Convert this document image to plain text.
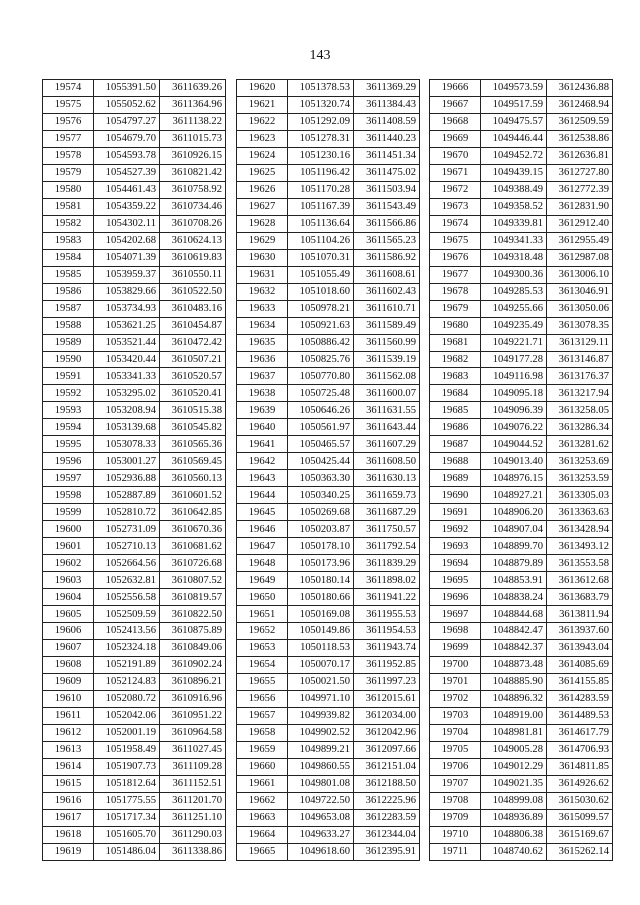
143
19574	1055391.50	3611639.26
19575	1055052.62	3611364.96
19576	1054797.27	3611138.22
19577	1054679.70	3611015.73
19578	1054593.78	3610926.15
19579	1054527.39	3610821.42
19580	1054461.43	3610758.92
19581	1054359.22	3610734.46
19582	1054302.11	3610708.26
19583	1054202.68	3610624.13
19584	1054071.39	3610619.83
19585	1053959.37	3610550.11
19586	1053829.66	3610522.50
19587	1053734.93	3610483.16
19588	1053621.25	3610454.87
19589	1053521.44	3610472.42
19590	1053420.44	3610507.21
19591	1053341.33	3610520.57
19592	1053295.02	3610520.41
19593	1053208.94	3610515.38
19594	1053139.68	3610545.82
19595	1053078.33	3610565.36
19596	1053001.27	3610569.45
19597	1052936.88	3610560.13
19598	1052887.89	3610601.52
19599	1052810.72	3610642.85
19600	1052731.09	3610670.36
19601	1052710.13	3610681.62
19602	1052664.56	3610726.68
19603	1052632.81	3610807.52
19604	1052556.58	3610819.57
19605	1052509.59	3610822.50
19606	1052413.56	3610875.89
19607	1052324.18	3610849.06
19608	1052191.89	3610902.24
19609	1052124.83	3610896.21
19610	1052080.72	3610916.96
19611	1052042.06	3610951.22
19612	1052001.19	3610964.58
19613	1051958.49	3611027.45
19614	1051907.73	3611109.28
19615	1051812.64	3611152.51
19616	1051775.55	3611201.70
19617	1051717.34	3611251.10
19618	1051605.70	3611290.03
19619	1051486.04	3611338.86
19620	1051378.53	3611369.29
19621	1051320.74	3611384.43
19622	1051292.09	3611408.59
19623	1051278.31	3611440.23
19624	1051230.16	3611451.34
19625	1051196.42	3611475.02
19626	1051170.28	3611503.94
19627	1051167.39	3611543.49
19628	1051136.64	3611566.86
19629	1051104.26	3611565.23
19630	1051070.31	3611586.92
19631	1051055.49	3611608.61
19632	1051018.60	3611602.43
19633	1050978.21	3611610.71
19634	1050921.63	3611589.49
19635	1050886.42	3611560.99
19636	1050825.76	3611539.19
19637	1050770.80	3611562.08
19638	1050725.48	3611600.07
19639	1050646.26	3611631.55
19640	1050561.97	3611643.44
19641	1050465.57	3611607.29
19642	1050425.44	3611608.50
19643	1050363.30	3611630.13
19644	1050340.25	3611659.73
19645	1050269.68	3611687.29
19646	1050203.87	3611750.57
19647	1050178.10	3611792.54
19648	1050173.96	3611839.29
19649	1050180.14	3611898.02
19650	1050180.66	3611941.22
19651	1050169.08	3611955.53
19652	1050149.86	3611954.53
19653	1050118.53	3611943.74
19654	1050070.17	3611952.85
19655	1050021.50	3611997.23
19656	1049971.10	3612015.61
19657	1049939.82	3612034.00
19658	1049902.52	3612042.96
19659	1049899.21	3612097.66
19660	1049860.55	3612151.04
19661	1049801.08	3612188.50
19662	1049722.50	3612225.96
19663	1049653.08	3612283.59
19664	1049633.27	3612344.04
19665	1049618.60	3612395.91
19666	1049573.59	3612436.88
19667	1049517.59	3612468.94
19668	1049475.57	3612509.59
19669	1049446.44	3612538.86
19670	1049452.72	3612636.81
19671	1049439.15	3612727.80
19672	1049388.49	3612772.39
19673	1049358.52	3612831.90
19674	1049339.81	3612912.40
19675	1049341.33	3612955.49
19676	1049318.48	3612987.08
19677	1049300.36	3613006.10
19678	1049285.53	3613046.91
19679	1049255.66	3613050.06
19680	1049235.49	3613078.35
19681	1049221.71	3613129.11
19682	1049177.28	3613146.87
19683	1049116.98	3613176.37
19684	1049095.18	3613217.94
19685	1049096.39	3613258.05
19686	1049076.22	3613286.34
19687	1049044.52	3613281.62
19688	1049013.40	3613253.69
19689	1048976.15	3613253.59
19690	1048927.21	3613305.03
19691	1048906.20	3613363.63
19692	1048907.04	3613428.94
19693	1048899.70	3613493.12
19694	1048879.89	3613553.58
19695	1048853.91	3613612.68
19696	1048838.24	3613683.79
19697	1048844.68	3613811.94
19698	1048842.47	3613937.60
19699	1048842.37	3613943.04
19700	1048873.48	3614085.69
19701	1048885.90	3614155.85
19702	1048896.32	3614283.59
19703	1048919.00	3614489.53
19704	1048981.81	3614617.79
19705	1049005.28	3614706.93
19706	1049012.29	3614811.85
19707	1049021.35	3614926.62
19708	1048999.08	3615030.62
19709	1048936.89	3615099.57
19710	1048806.38	3615169.67
19711	1048740.62	3615262.14
